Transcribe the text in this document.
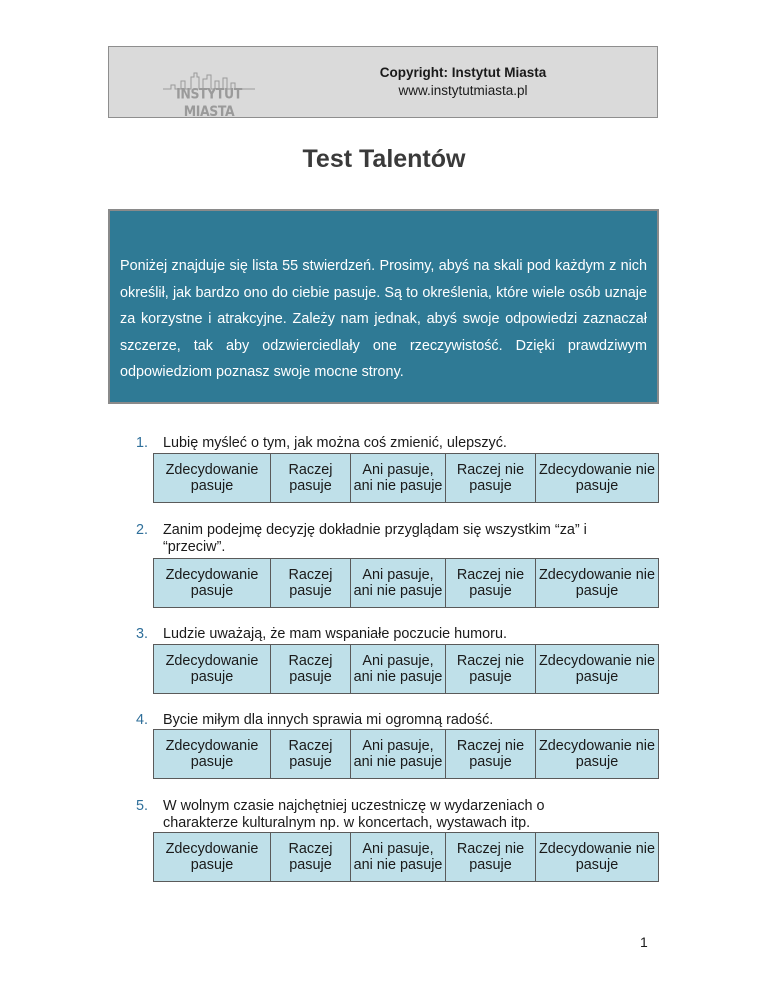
INSTYTUT MIASTA
Copyright: Instytut Miasta
www.instytutmiasta.pl
Test Talentów

Poniżej znajduje się lista 55 stwierdzeń. Prosimy, abyś na skali pod każdym z nich określił, jak bardzo ono do ciebie pasuje. Są to określenia, które wiele osób uznaje za korzystne i atrakcyjne. Zależy nam jednak, abyś swoje odpowiedzi zaznaczał szczerze, tak aby odzwierciedlały one rzeczywistość. Dzięki prawdziwym odpowiedziom poznasz swoje mocne strony.

1. Lubię myśleć o tym, jak można coś zmienić, ulepszyć.
Zdecydowanie pasuje
Raczej pasuje
Ani pasuje, ani nie pasuje
Raczej nie pasuje
Zdecydowanie nie pasuje
2. Zanim podejmę decyzję dokładnie przyglądam się wszystkim “za” i “przeciw”.
Zdecydowanie pasuje
Raczej pasuje
Ani pasuje, ani nie pasuje
Raczej nie pasuje
Zdecydowanie nie pasuje
3. Ludzie uważają, że mam wspaniałe poczucie humoru.
Zdecydowanie pasuje
Raczej pasuje
Ani pasuje, ani nie pasuje
Raczej nie pasuje
Zdecydowanie nie pasuje
4. Bycie miłym dla innych sprawia mi ogromną radość.
Zdecydowanie pasuje
Raczej pasuje
Ani pasuje, ani nie pasuje
Raczej nie pasuje
Zdecydowanie nie pasuje
5. W wolnym czasie najchętniej uczestniczę w wydarzeniach o charakterze kulturalnym np. w koncertach, wystawach itp.
Zdecydowanie pasuje
Raczej pasuje
Ani pasuje, ani nie pasuje
Raczej nie pasuje
Zdecydowanie nie pasuje
1
